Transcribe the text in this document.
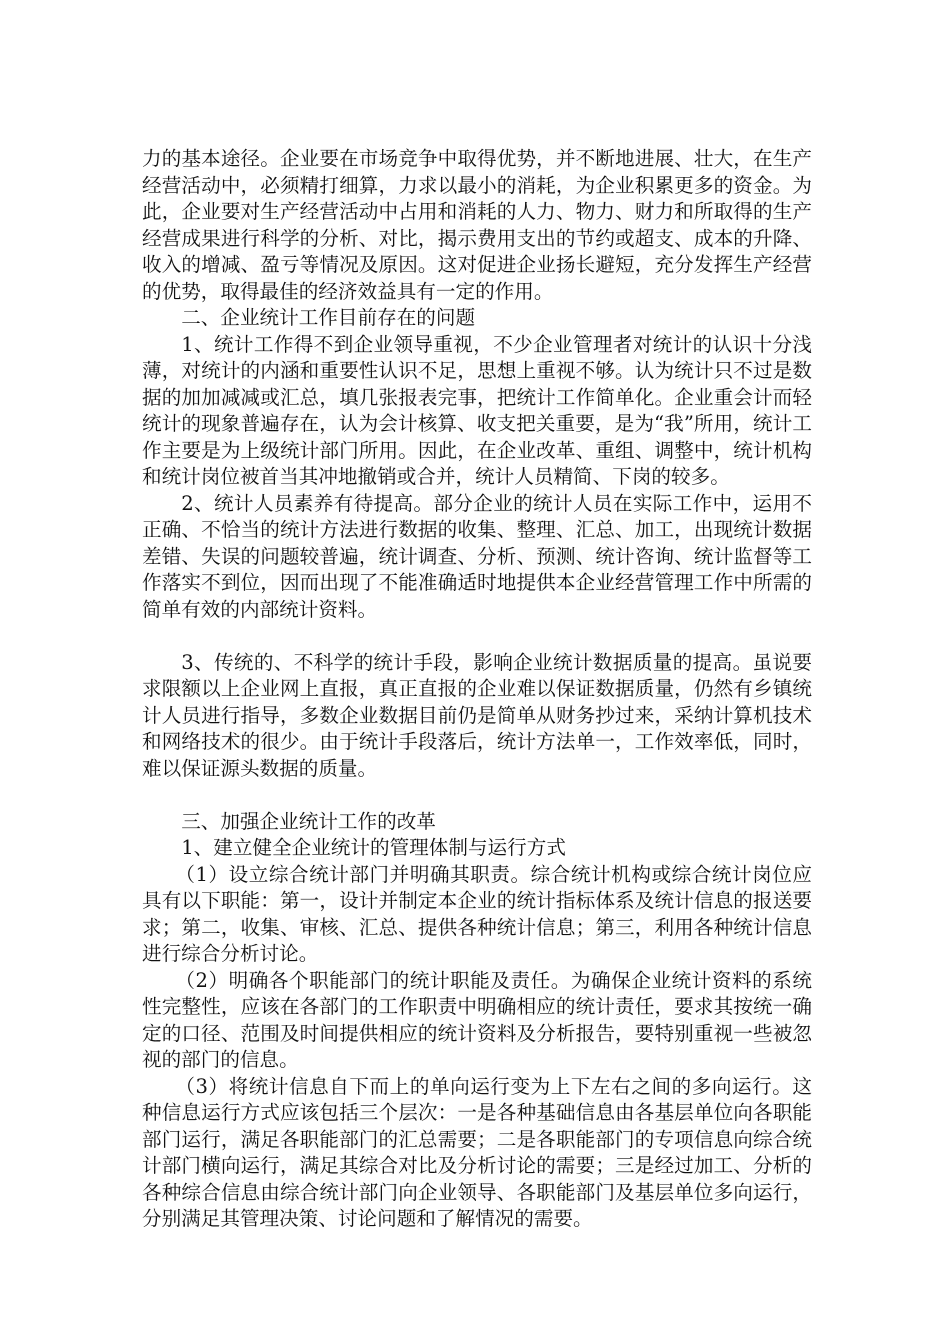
力的基本途径。企业要在市场竞争中取得优势，并不断地进展、壮大，在生产经营活动中，必须精打细算，力求以最小的消耗，为企业积累更多的资金。为此，企业要对生产经营活动中占用和消耗的人力、物力、财力和所取得的生产经营成果进行科学的分析、对比，揭示费用支出的节约或超支、成本的升降、收入的增减、盈亏等情况及原因。这对促进企业扬长避短，充分发挥生产经营的优势，取得最佳的经济效益具有一定的作用。

二、企业统计工作目前存在的问题

1、统计工作得不到企业领导重视，不少企业管理者对统计的认识十分浅薄，对统计的内涵和重要性认识不足，思想上重视不够。认为统计只不过是数据的加加减减或汇总，填几张报表完事，把统计工作简单化。企业重会计而轻统计的现象普遍存在，认为会计核算、收支把关重要，是为“我”所用，统计工作主要是为上级统计部门所用。因此，在企业改革、重组、调整中，统计机构和统计岗位被首当其冲地撤销或合并，统计人员精简、下岗的较多。

2、统计人员素养有待提高。部分企业的统计人员在实际工作中，运用不正确、不恰当的统计方法进行数据的收集、整理、汇总、加工，出现统计数据差错、失误的问题较普遍，统计调查、分析、预测、统计咨询、统计监督等工作落实不到位，因而出现了不能准确适时地提供本企业经营管理工作中所需的简单有效的内部统计资料。

3、传统的、不科学的统计手段，影响企业统计数据质量的提高。虽说要求限额以上企业网上直报，真正直报的企业难以保证数据质量，仍然有乡镇统计人员进行指导，多数企业数据目前仍是简单从财务抄过来，采纳计算机技术和网络技术的很少。由于统计手段落后，统计方法单一，工作效率低，同时，难以保证源头数据的质量。

三、加强企业统计工作的改革

1、建立健全企业统计的管理体制与运行方式

（1）设立综合统计部门并明确其职责。综合统计机构或综合统计岗位应具有以下职能：第一，设计并制定本企业的统计指标体系及统计信息的报送要求；第二，收集、审核、汇总、提供各种统计信息；第三，利用各种统计信息进行综合分析讨论。

（2）明确各个职能部门的统计职能及责任。为确保企业统计资料的系统性完整性，应该在各部门的工作职责中明确相应的统计责任，要求其按统一确定的口径、范围及时间提供相应的统计资料及分析报告，要特别重视一些被忽视的部门的信息。

（3）将统计信息自下而上的单向运行变为上下左右之间的多向运行。这种信息运行方式应该包括三个层次：一是各种基础信息由各基层单位向各职能部门运行，满足各职能部门的汇总需要；二是各职能部门的专项信息向综合统计部门横向运行，满足其综合对比及分析讨论的需要；三是经过加工、分析的各种综合信息由综合统计部门向企业领导、各职能部门及基层单位多向运行，分别满足其管理决策、讨论问题和了解情况的需要。
